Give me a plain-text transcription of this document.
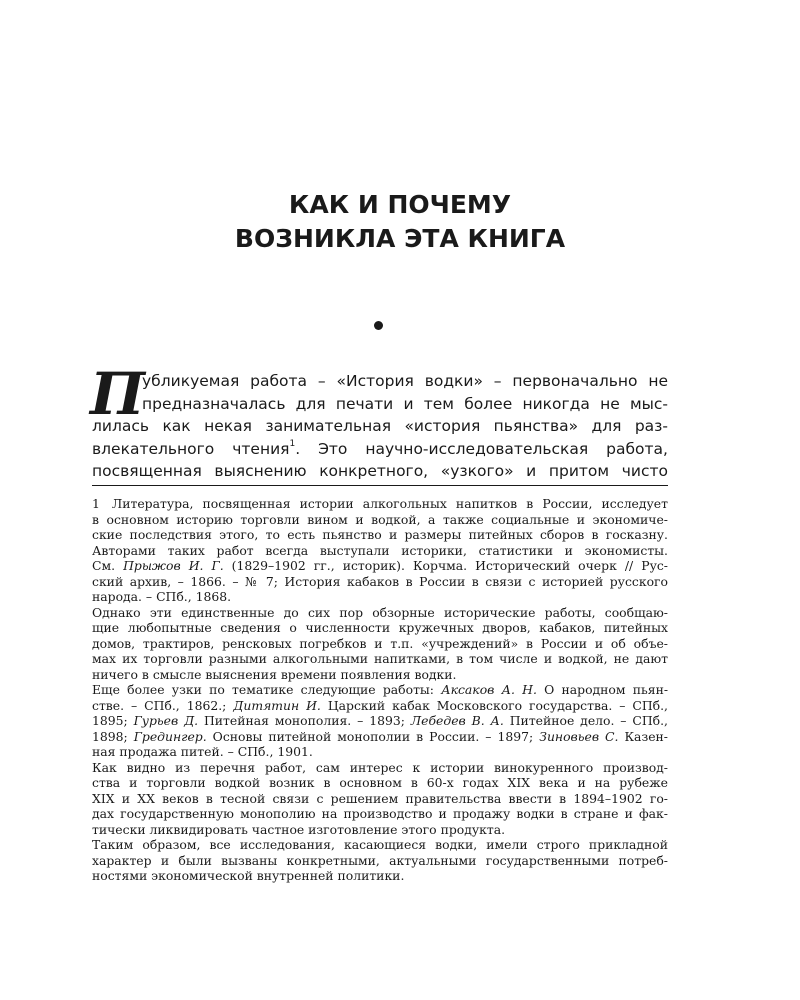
КАК И ПОЧЕМУ
ВОЗНИКЛА ЭТА КНИГА
П
убликуемая работа – «История водки» – первоначально не
предназначалась для печати и тем более никогда не мыс-
лилась как некая занимательная «история пьянства» для раз-
влекательного чтения$^1$. Это научно-исследовательская работа,
посвященная выяснению конкретного, «узкого» и притом чисто
1 Литература, посвященная истории алкогольных напитков в России, исследует
в основном историю торговли вином и водкой, а также социальные и экономиче-
ские последствия этого, то есть пьянство и размеры питейных сборов в госказну.
Авторами таких работ всегда выступали историки, статистики и экономисты.
См. Прыжов И. Г. (1829–1902 гг., историк). Корчма. Исторический очерк // Рус-
ский архив, – 1866. – № 7; История кабаков в России в связи с историей русского
народа. – СПб., 1868.
Однако эти единственные до сих пор обзорные исторические работы, сообщаю-
щие любопытные сведения о численности кружечных дворов, кабаков, питейных
домов, трактиров, ренсковых погребков и т.п. «учреждений» в России и об объе-
мах их торговли разными алкогольными напитками, в том числе и водкой, не дают
ничего в смысле выяснения времени появления водки.
Еще более узки по тематике следующие работы: Аксаков А. Н. О народном пьян-
стве. – СПб., 1862.; Дитятин И. Царский кабак Московского государства. – СПб.,
1895; Гурьев Д. Питейная монополия. – 1893; Лебедев В. А. Питейное дело. – СПб.,
1898; Гредингер. Основы питейной монополии в России. – 1897; Зиновьев С. Казен-
ная продажа питей. – СПб., 1901.
Как видно из перечня работ, сам интерес к истории винокуренного производ-
ства и торговли водкой возник в основном в 60-х годах XIX века и на рубеже
XIX и XX веков в тесной связи с решением правительства ввести в 1894–1902 го-
дах государственную монополию на производство и продажу водки в стране и фак-
тически ликвидировать частное изготовление этого продукта.
Таким образом, все исследования, касающиеся водки, имели строго прикладной
характер и были вызваны конкретными, актуальными государственными потреб-
ностями экономической внутренней политики.
